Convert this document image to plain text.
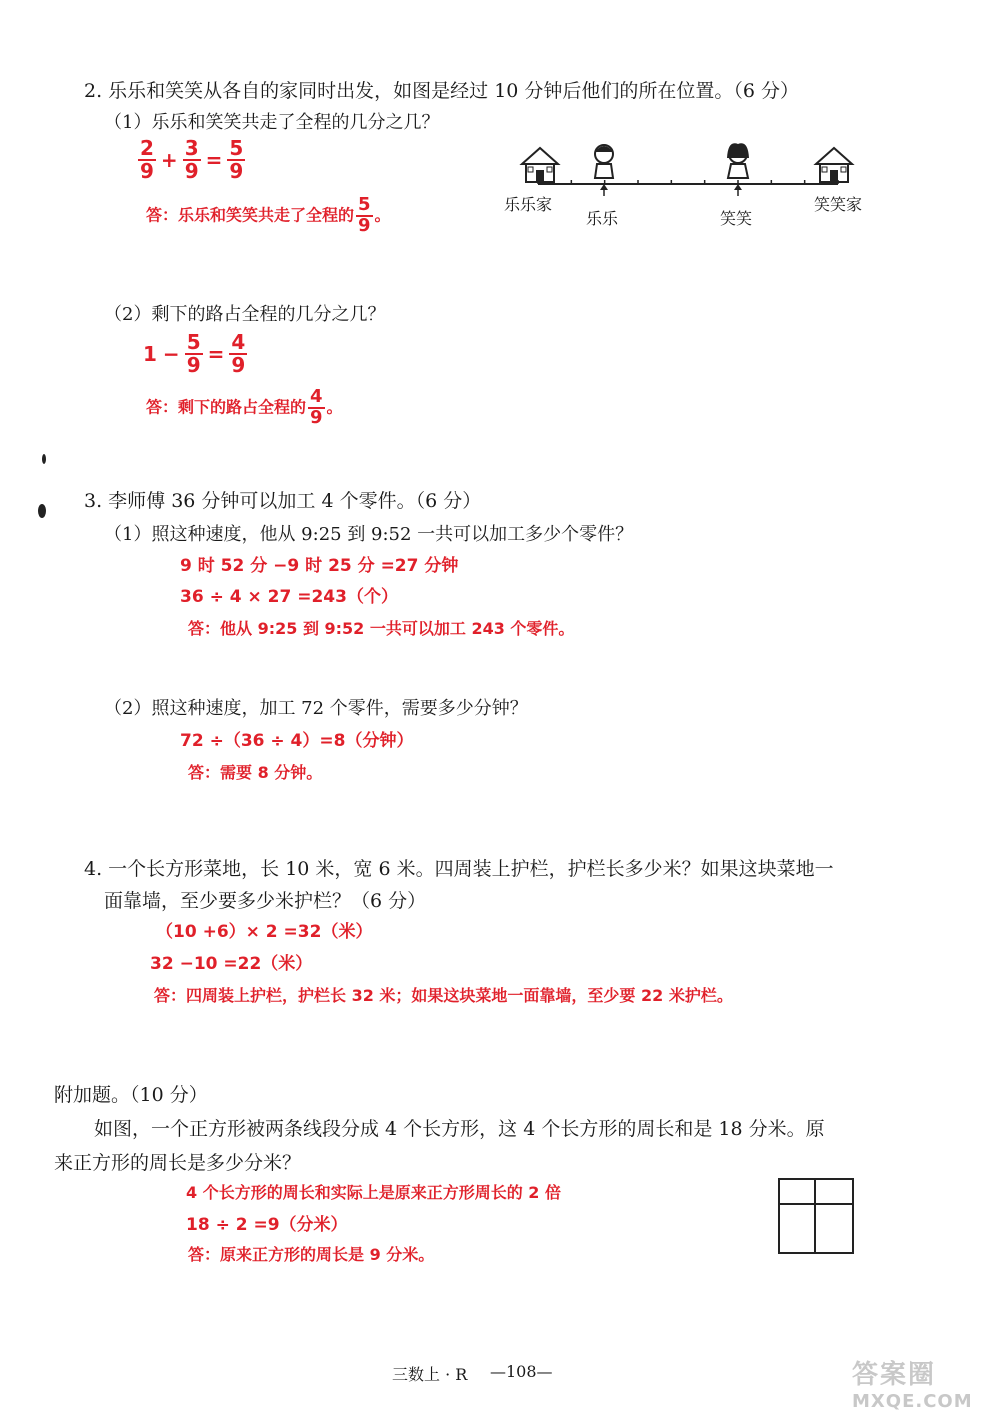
2. 乐乐和笑笑从各自的家同时出发，如图是经过 10 分钟后他们的所在位置。（6 分）
（1）乐乐和笑笑共走了全程的几分之几？
$\frac{2}{9} + \frac{3}{9} = \frac{5}{9}$
答：乐乐和笑笑共走了全程的 $\frac{5}{9}$ 。
乐乐家
乐乐	笑笑
笑笑家
（2）剩下的路占全程的几分之几？
$1 - \frac{5}{9} = \frac{4}{9}$
答：剩下的路占全程的 $\frac{4}{9}$ 。
3. 李师傅 36 分钟可以加工 4 个零件。（6 分）
（1）照这种速度，他从 9:25 到 9:52 一共可以加工多少个零件？
9 时 52 分 −9 时 25 分 =27 分钟
36 ÷ 4 × 27 =243（个）
答：他从 9:25 到 9:52 一共可以加工 243 个零件。
（2）照这种速度，加工 72 个零件，需要多少分钟？
72 ÷（36 ÷ 4）=8（分钟）
答：需要 8 分钟。
4. 一个长方形菜地，长 10 米，宽 6 米。四周装上护栏，护栏长多少米？如果这块菜地一
面靠墙，至少要多少米护栏？（6 分）
（10 +6）× 2 =32（米）
32 −10 =22（米）
答：四周装上护栏，护栏长 32 米；如果这块菜地一面靠墙，至少要 22 米护栏。
附加题。（10 分）
如图，一个正方形被两条线段分成 4 个长方形，这 4 个长方形的周长和是 18 分米。原
来正方形的周长是多少分米？
4 个长方形的周长和实际上是原来正方形周长的 2 倍
18 ÷ 2 =9（分米）
答：原来正方形的周长是 9 分米。
三数上 · R —108—	答案圈
MXQE.COM
